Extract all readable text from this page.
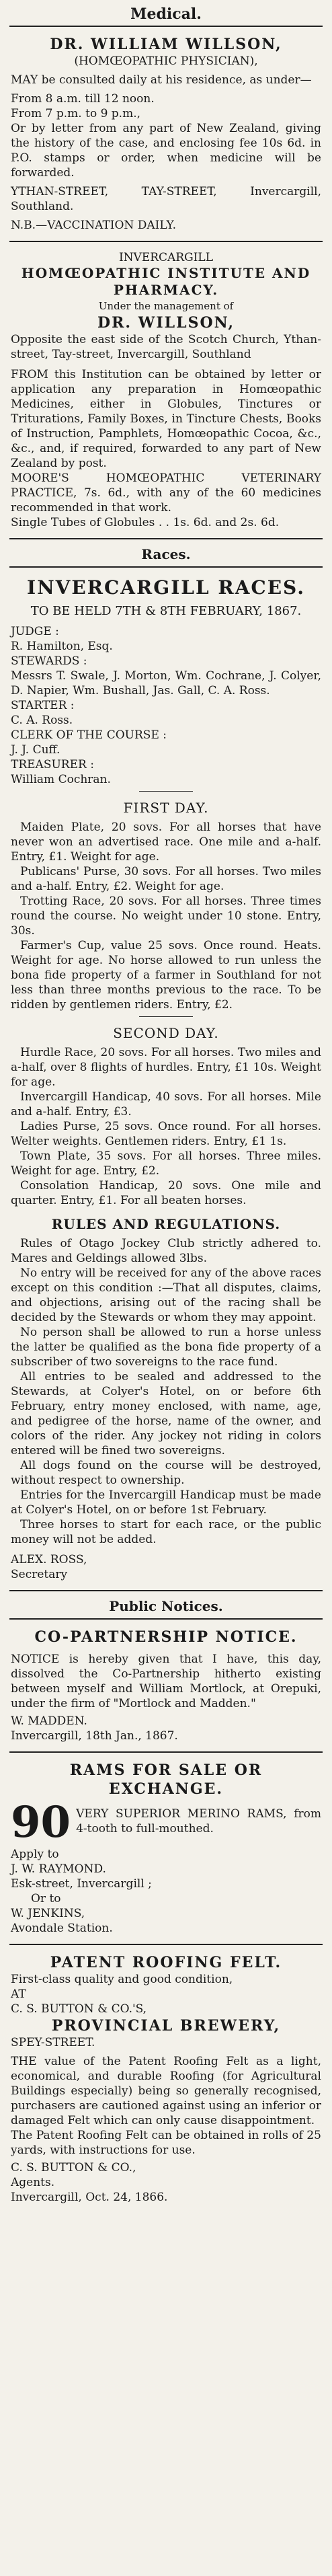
Medical.
DR. WILLIAM WILLSON,
(HOMŒOPATHIC PHYSICIAN),

MAY be consulted daily at his residence, as under—

From 8 a.m. till 12 noon.

From 7 p.m. to 9 p.m.,

Or by letter from any part of New Zealand, giving the history of the case, and enclosing fee 10s 6d. in P.O. stamps or order, when medicine will be forwarded.

YTHAN-STREET, TAY-STREET, Invercargill, Southland.

N.B.—VACCINATION DAILY.

INVERCARGILL
HOMŒOPATHIC INSTITUTE AND PHARMACY.
Under the management of
DR. WILLSON,

Opposite the east side of the Scotch Church, Ythan-street, Tay-street, Invercargill, Southland

FROM this Institution can be obtained by letter or application any preparation in Homœopathic Medicines, either in Globules, Tinctures or Triturations, Family Boxes, in Tincture Chests, Books of Instruction, Pamphlets, Homœopathic Cocoa, &c., &c., and, if required, forwarded to any part of New Zealand by post.

MOORE'S HOMŒOPATHIC VETERINARY PRACTICE, 7s. 6d., with any of the 60 medicines recommended in that work.

Single Tubes of Globules . . 1s. 6d. and 2s. 6d.

Races.
INVERCARGILL RACES.
TO BE HELD 7TH & 8TH FEBRUARY, 1867.

JUDGE :

R. Hamilton, Esq.

STEWARDS :

Messrs T. Swale, J. Morton, Wm. Cochrane, J. Colyer, D. Napier, Wm. Bushall, Jas. Gall, C. A. Ross.

STARTER :

C. A. Ross.

CLERK OF THE COURSE :

J. J. Cuff.

TREASURER :

William Cochran.

FIRST DAY.

Maiden Plate, 20 sovs. For all horses that have never won an advertised race. One mile and a-half. Entry, £1. Weight for age.

Publicans' Purse, 30 sovs. For all horses. Two miles and a-half. Entry, £2. Weight for age.

Trotting Race, 20 sovs. For all horses. Three times round the course. No weight under 10 stone. Entry, 30s.

Farmer's Cup, value 25 sovs. Once round. Heats. Weight for age. No horse allowed to run unless the bona fide property of a farmer in Southland for not less than three months previous to the race. To be ridden by gentlemen riders. Entry, £2.

SECOND DAY.

Hurdle Race, 20 sovs. For all horses. Two miles and a-half, over 8 flights of hurdles. Entry, £1 10s. Weight for age.

Invercargill Handicap, 40 sovs. For all horses. Mile and a-half. Entry, £3.

Ladies Purse, 25 sovs. Once round. For all horses. Welter weights. Gentlemen riders. Entry, £1 1s.

Town Plate, 35 sovs. For all horses. Three miles. Weight for age. Entry, £2.

Consolation Handicap, 20 sovs. One mile and quarter. Entry, £1. For all beaten horses.

RULES AND REGULATIONS.

Rules of Otago Jockey Club strictly adhered to. Mares and Geldings allowed 3lbs.

No entry will be received for any of the above races except on this condition :—That all disputes, claims, and objections, arising out of the racing shall be decided by the Stewards or whom they may appoint.

No person shall be allowed to run a horse unless the latter be qualified as the bona fide property of a subscriber of two sovereigns to the race fund.

All entries to be sealed and addressed to the Stewards, at Colyer's Hotel, on or before 6th February, entry money enclosed, with name, age, and pedigree of the horse, name of the owner, and colors of the rider. Any jockey not riding in colors entered will be fined two sovereigns.

All dogs found on the course will be destroyed, without respect to ownership.

Entries for the Invercargill Handicap must be made at Colyer's Hotel, on or before 1st February.

Three horses to start for each race, or the public money will not be added.

ALEX. ROSS,

Secretary

Public Notices.
CO-PARTNERSHIP NOTICE.

NOTICE is hereby given that I have, this day, dissolved the Co-Partnership hitherto existing between myself and William Mortlock, at Orepuki, under the firm of "Mortlock and Madden."

W. MADDEN.

Invercargill, 18th Jan., 1867.

RAMS FOR SALE OR EXCHANGE.
90 VERY SUPERIOR MERINO RAMS, from 4-tooth to full-mouthed.

Apply to

J. W. RAYMOND.

Esk-street, Invercargill ;

Or to

W. JENKINS,

Avondale Station.

PATENT ROOFING FELT.

First-class quality and good condition,

AT

C. S. BUTTON & CO.'S,

PROVINCIAL BREWERY,

SPEY-STREET.

THE value of the Patent Roofing Felt as a light, economical, and durable Roofing (for Agricultural Buildings especially) being so generally recognised, purchasers are cautioned against using an inferior or damaged Felt which can only cause disappointment.

The Patent Roofing Felt can be obtained in rolls of 25 yards, with instructions for use.

C. S. BUTTON & CO.,

Agents.

Invercargill, Oct. 24, 1866.
